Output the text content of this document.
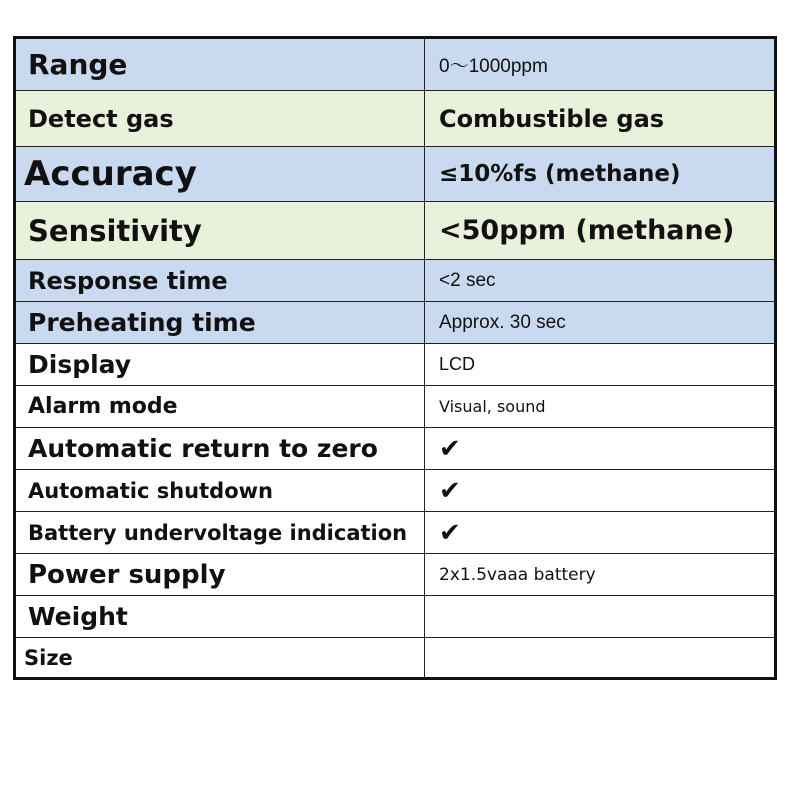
Range	0～1000ppm
Detect gas	Combustible gas
Accuracy	≤10%fs (methane)
Sensitivity	<50ppm (methane)
Response time	<2 sec
Preheating time	Approx. 30 sec
Display	LCD
Alarm mode	Visual, sound
Automatic return to zero	✔
Automatic shutdown	✔
Battery undervoltage indication	✔
Power supply	2x1.5vaaa battery
Weight
Size
